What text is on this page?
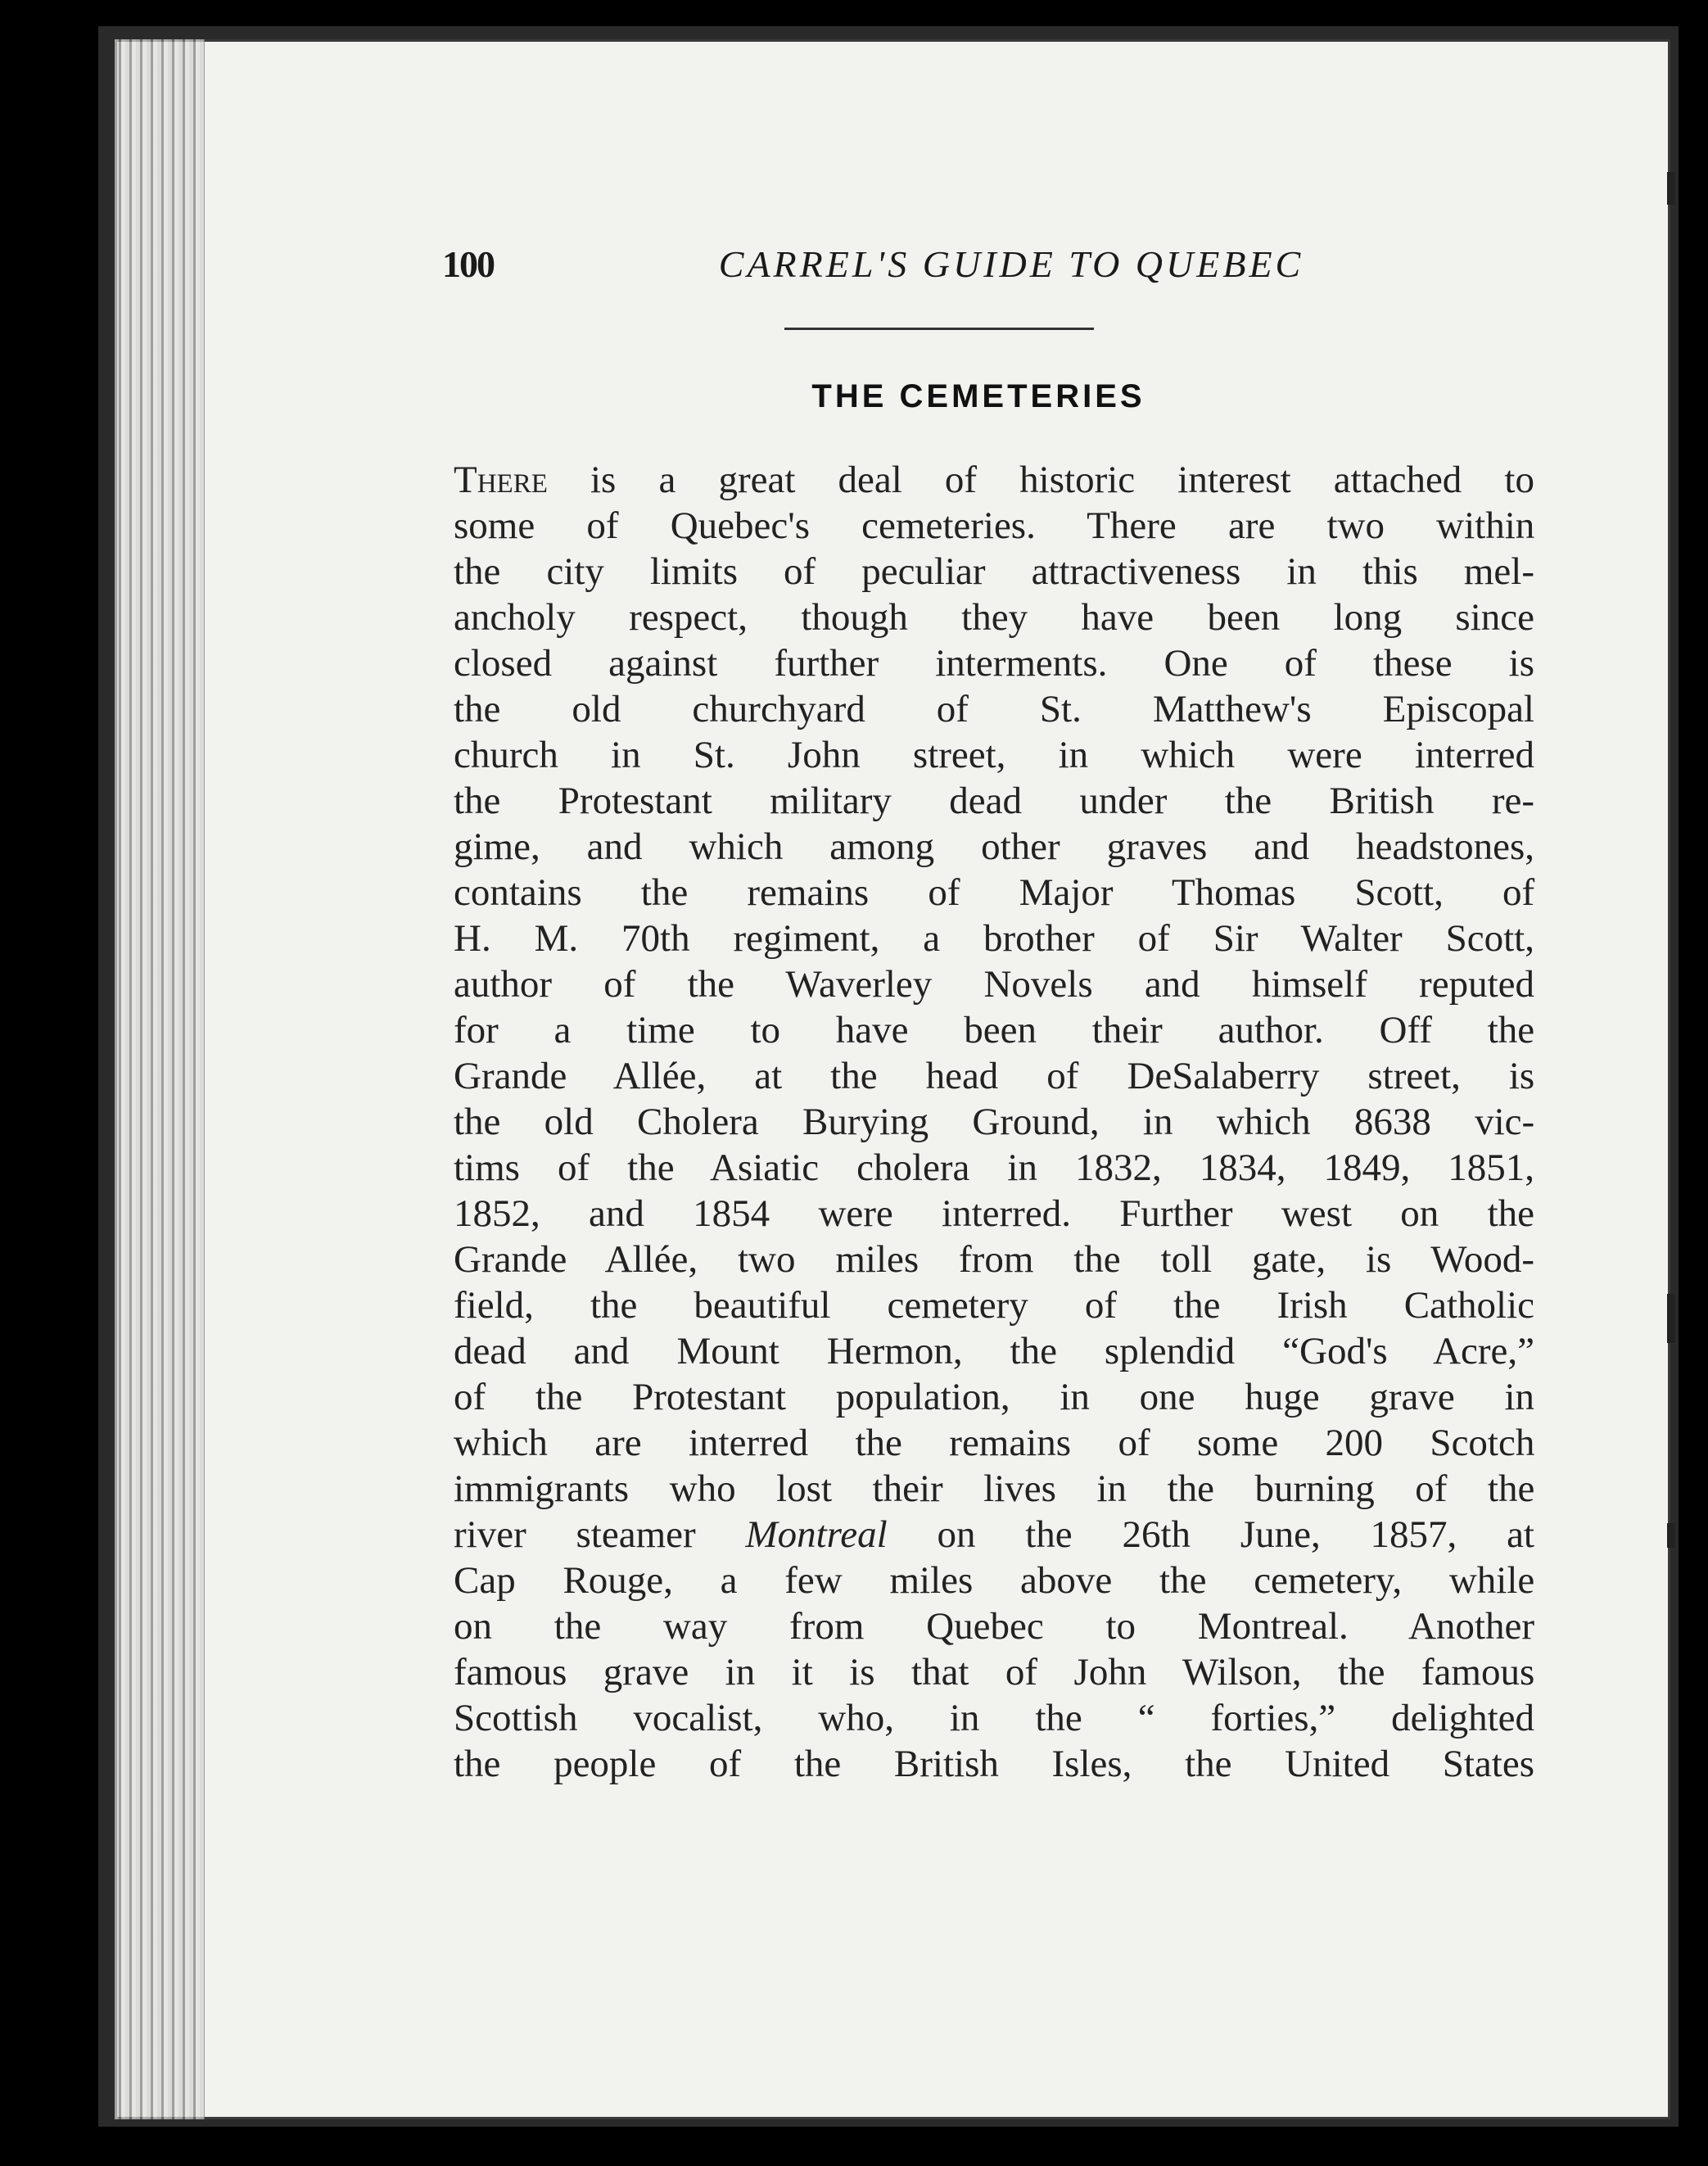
100	CARREL'S GUIDE TO QUEBEC
THE CEMETERIES
There is a great deal of historic interest attached to
some of Quebec's cemeteries. There are two within
the city limits of peculiar attractiveness in this mel-
ancholy respect, though they have been long since
closed against further interments. One of these is
the old churchyard of St. Matthew's Episcopal
church in St. John street, in which were interred
the Protestant military dead under the British re-
gime, and which among other graves and headstones,
contains the remains of Major Thomas Scott, of
H. M. 70th regiment, a brother of Sir Walter Scott,
author of the Waverley Novels and himself reputed
for a time to have been their author. Off the
Grande Allée, at the head of DeSalaberry street, is
the old Cholera Burying Ground, in which 8638 vic-
tims of the Asiatic cholera in 1832, 1834, 1849, 1851,
1852, and 1854 were interred. Further west on the
Grande Allée, two miles from the toll gate, is Wood-
field, the beautiful cemetery of the Irish Catholic
dead and Mount Hermon, the splendid “God's Acre,”
of the Protestant population, in one huge grave in
which are interred the remains of some 200 Scotch
immigrants who lost their lives in the burning of the
river steamer Montreal on the 26th June, 1857, at
Cap Rouge, a few miles above the cemetery, while
on the way from Quebec to Montreal. Another
famous grave in it is that of John Wilson, the famous
Scottish vocalist, who, in the “ forties,” delighted
the people of the British Isles, the United States
